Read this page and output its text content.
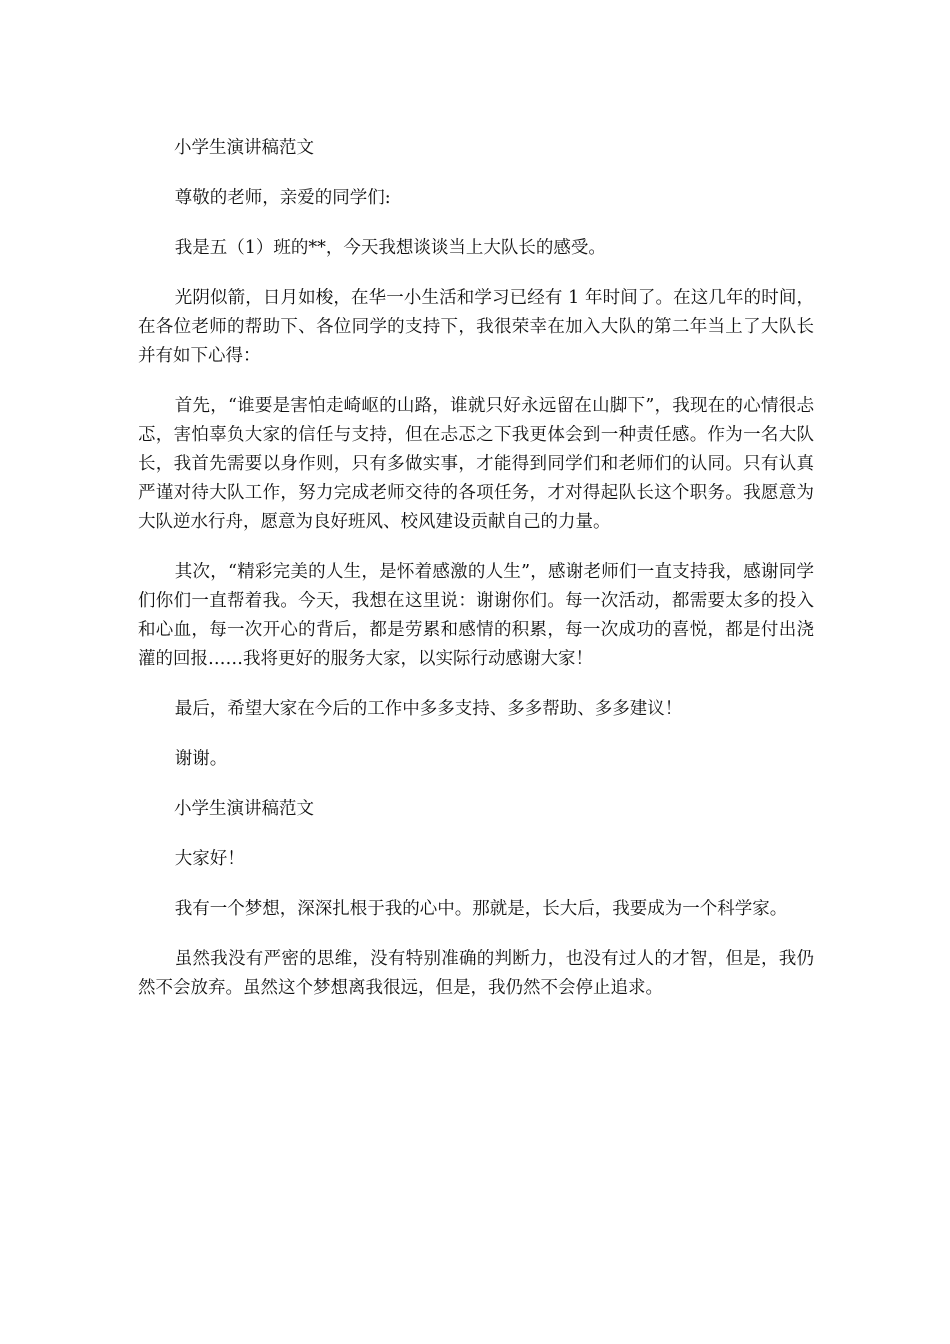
小学生演讲稿范文

尊敬的老师，亲爱的同学们:

我是五（1）班的**，今天我想谈谈当上大队长的感受。

光阴似箭，日月如梭，在华一小生活和学习已经有 1 年时间了。在这几年的时间，在各位老师的帮助下、各位同学的支持下，我很荣幸在加入大队的第二年当上了大队长并有如下心得：

首先，“谁要是害怕走崎岖的山路，谁就只好永远留在山脚下”，我现在的心情很忐忑，害怕辜负大家的信任与支持，但在忐忑之下我更体会到一种责任感。作为一名大队长，我首先需要以身作则，只有多做实事，才能得到同学们和老师们的认同。只有认真严谨对待大队工作，努力完成老师交待的各项任务，才对得起队长这个职务。我愿意为大队逆水行舟，愿意为良好班风、校风建设贡献自己的力量。

其次，“精彩完美的人生，是怀着感激的人生”，感谢老师们一直支持我，感谢同学们你们一直帮着我。今天，我想在这里说：谢谢你们。每一次活动，都需要太多的投入和心血，每一次开心的背后，都是劳累和感情的积累，每一次成功的喜悦，都是付出浇灌的回报……我将更好的服务大家，以实际行动感谢大家！

最后，希望大家在今后的工作中多多支持、多多帮助、多多建议！

谢谢。

小学生演讲稿范文

大家好！

我有一个梦想，深深扎根于我的心中。那就是，长大后，我要成为一个科学家。

虽然我没有严密的思维，没有特别准确的判断力，也没有过人的才智，但是，我仍然不会放弃。虽然这个梦想离我很远，但是，我仍然不会停止追求。
